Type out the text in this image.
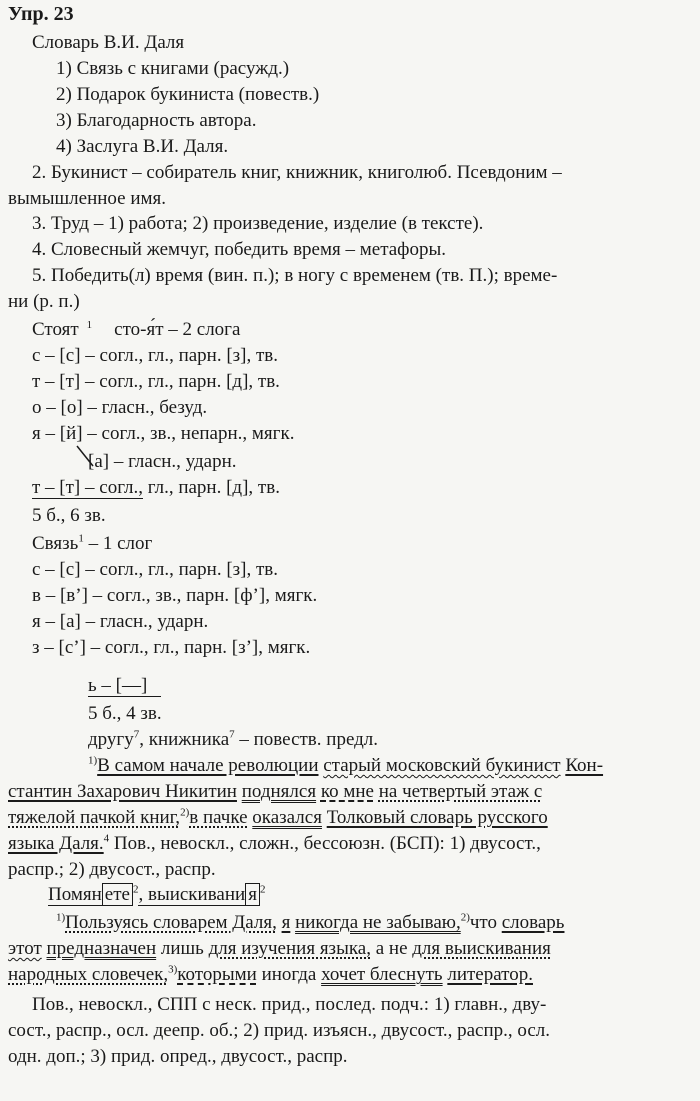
Упр. 23
Словарь В.И. Даля
1) Связь с книгами (расужд.)
2) Подарок букиниста (повеств.)
3) Благодарность автора.
4) Заслуга В.И. Даля.
2. Букинист – собиратель книг, книжник, книголюб. Псевдоним –
вымышленное имя.
3. Труд – 1) работа; 2) произведение, изделие (в тексте).
4. Словесный жемчуг, победить время – метафоры.
5. Победить(л) время (вин. п.); в ногу с временем (тв. П.); време-
ни (р. п.)
Стоят $^1$ сто-я́т – 2 слога
с – [с] – согл., гл., парн. [з], тв.
т – [т] – согл., гл., парн. [д], тв.
о – [о] – гласн., безуд.
я – [й] – согл., зв., непарн., мягк.
[а] – гласн., ударн.
т – [т] – согл., гл., парн. [д], тв.
5 б., 6 зв.
Связь$^1$ – 1 слог
с – [с] – согл., гл., парн. [з], тв.
в – [в’] – согл., зв., парн. [ф’], мягк.
я – [а] – гласн., ударн.
з – [с’] – согл., гл., парн. [з’], мягк.
ь – [—]
5 б., 4 зв.
другу$^7$, книжника$^7$ – повеств. предл.
$^{1)}$В самом начале революции старый московский букинист Кон-
стантин Захарович Никитин поднялся ко мне на четвертый этаж с
тяжелой пачкой книг,$^{2)}$в пачке оказался Толковый словарь русского
языка Даля.$^4$ Пов., невоскл., сложн., бессоюзн. (БСП): 1) двусост.,
распр.; 2) двусост., распр.
Помян ете $^2$, выискивани я $^2$
$^{1)}$Пользуясь словарем Даля, я никогда не забываю,$^{2)}$что словарь
этот предназначен лишь для изучения языка, а не для выискивания
народных словечек,$^{3)}$которыми иногда хочет блеснуть литератор.
Пов., невоскл., СПП с неск. прид., послед. подч.: 1) главн., дву-
сост., распр., осл. деепр. об.; 2) прид. изъясн., двусост., распр., осл.
одн. доп.; 3) прид. опред., двусост., распр.
